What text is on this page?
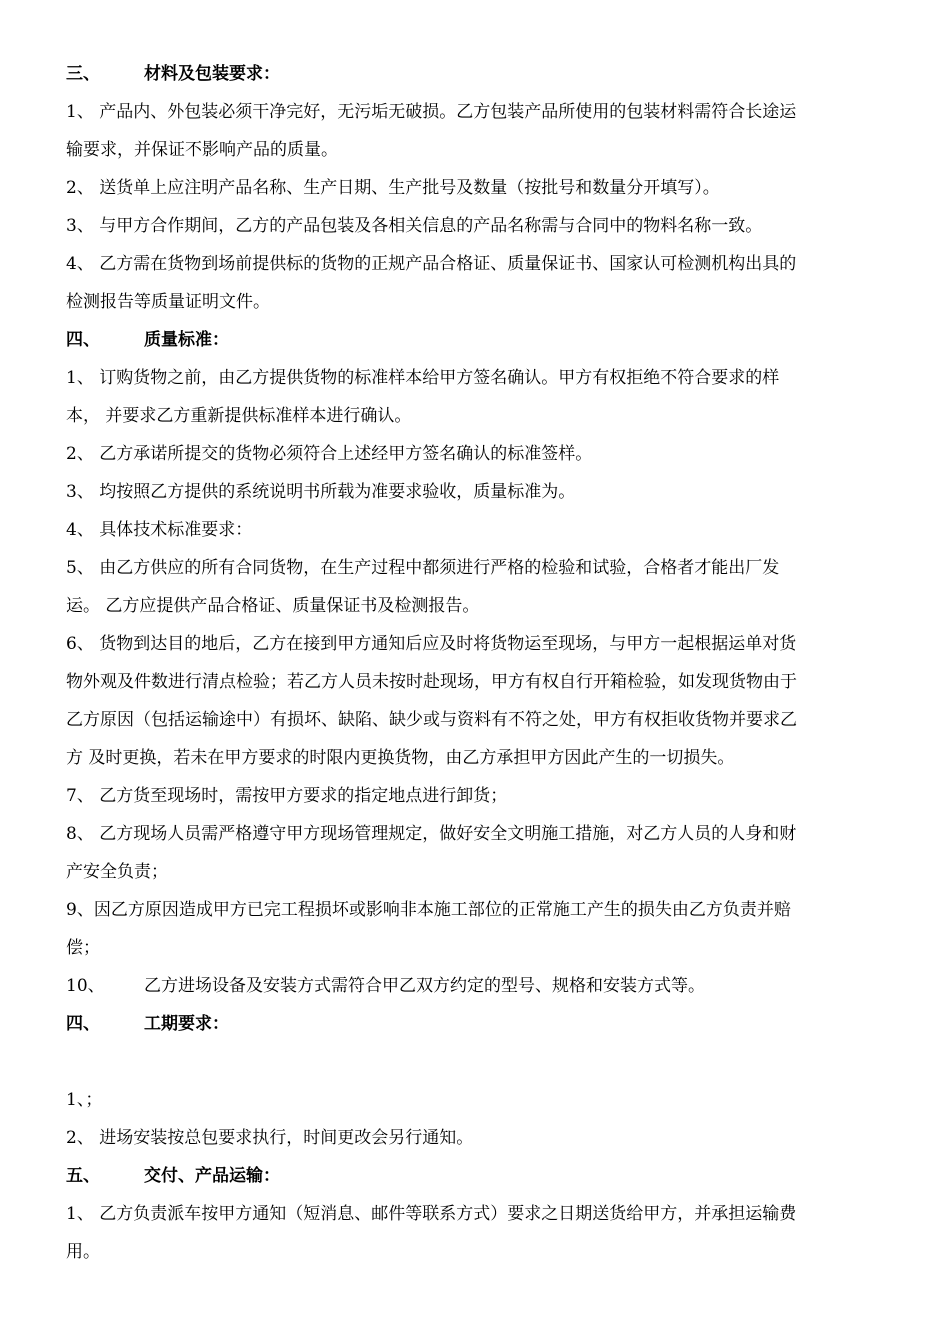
三、	材料及包装要求：
1、 产品内、外包装必须干净完好，无污垢无破损。乙方包装产品所使用的包装材料需符合长途运
输要求，并保证不影响产品的质量。
2、 送货单上应注明产品名称、生产日期、生产批号及数量（按批号和数量分开填写）。
3、 与甲方合作期间，乙方的产品包装及各相关信息的产品名称需与合同中的物料名称一致。
4、 乙方需在货物到场前提供标的货物的正规产品合格证、质量保证书、国家认可检测机构出具的
检测报告等质量证明文件。
四、	质量标准：
1、 订购货物之前，由乙方提供货物的标准样本给甲方签名确认。甲方有权拒绝不符合要求的样
本， 并要求乙方重新提供标准样本进行确认。
2、 乙方承诺所提交的货物必须符合上述经甲方签名确认的标准签样。
3、 均按照乙方提供的系统说明书所载为准要求验收，质量标准为。
4、 具体技术标准要求：
5、 由乙方供应的所有合同货物，在生产过程中都须进行严格的检验和试验，合格者才能出厂发
运。 乙方应提供产品合格证、质量保证书及检测报告。
6、 货物到达目的地后，乙方在接到甲方通知后应及时将货物运至现场，与甲方一起根据运单对货
物外观及件数进行清点检验；若乙方人员未按时赴现场，甲方有权自行开箱检验，如发现货物由于
乙方原因（包括运输途中）有损坏、缺陷、缺少或与资料有不符之处，甲方有权拒收货物并要求乙
方 及时更换，若未在甲方要求的时限内更换货物，由乙方承担甲方因此产生的一切损失。
7、 乙方货至现场时，需按甲方要求的指定地点进行卸货；
8、 乙方现场人员需严格遵守甲方现场管理规定，做好安全文明施工措施，对乙方人员的人身和财
产安全负责；
9、因乙方原因造成甲方已完工程损坏或影响非本施工部位的正常施工产生的损失由乙方负责并赔
偿；
10、 乙方进场设备及安装方式需符合甲乙双方约定的型号、规格和安装方式等。
四、	工期要求：
1、；
2、 进场安装按总包要求执行，时间更改会另行通知。
五、	交付、产品运输：
1、 乙方负责派车按甲方通知（短消息、邮件等联系方式）要求之日期送货给甲方，并承担运输费
用。
